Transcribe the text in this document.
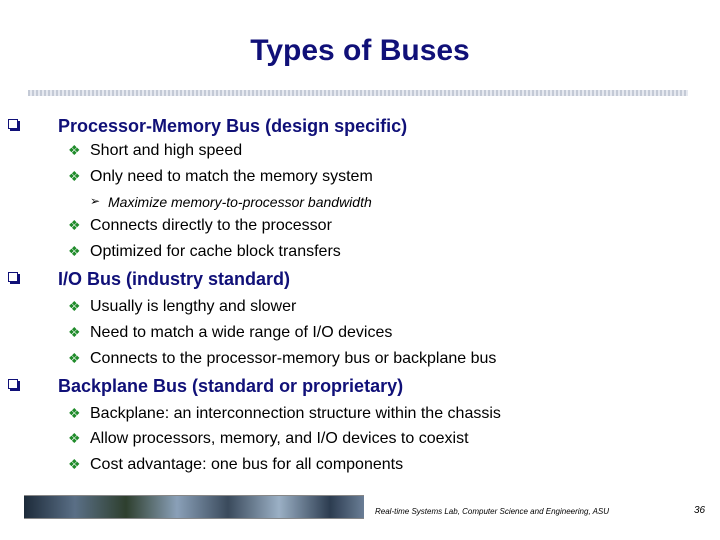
Types of Buses
Processor-Memory Bus (design specific)
❖ Short and high speed
❖ Only need to match the memory system
➢ Maximize memory-to-processor bandwidth
❖ Connects directly to the processor
❖ Optimized for cache block transfers
I/O Bus (industry standard)
❖ Usually is lengthy and slower
❖ Need to match a wide range of I/O devices
❖ Connects to the processor-memory bus or backplane bus
Backplane Bus (standard or proprietary)
❖ Backplane: an interconnection structure within the chassis
❖ Allow processors, memory, and I/O devices to coexist
❖ Cost advantage: one bus for all components
Real-time Systems Lab, Computer Science and Engineering, ASU	36
